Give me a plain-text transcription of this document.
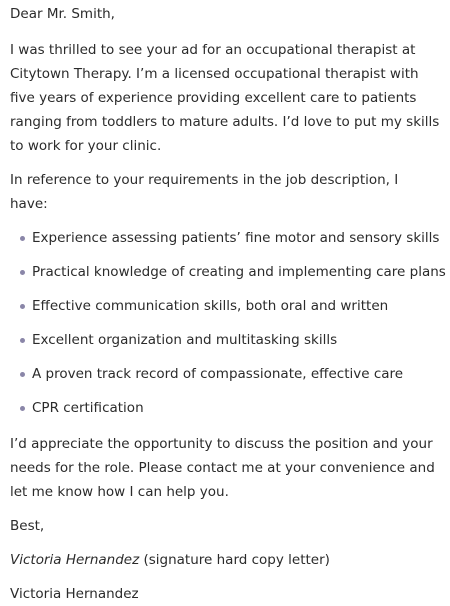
Dear Mr. Smith,

I was thrilled to see your ad for an occupational therapist at Citytown Therapy. I’m a licensed occupational therapist with five years of experience providing excellent care to patients ranging from toddlers to mature adults. I’d love to put my skills to work for your clinic.

In reference to your requirements in the job description, I have:

Experience assessing patients’ fine motor and sensory skills
Practical knowledge of creating and implementing care plans
Effective communication skills, both oral and written
Excellent organization and multitasking skills
A proven track record of compassionate, effective care
CPR certification

I’d appreciate the opportunity to discuss the position and your needs for the role. Please contact me at your convenience and let me know how I can help you.

Best,

Victoria Hernandez (signature hard copy letter)

Victoria Hernandez
